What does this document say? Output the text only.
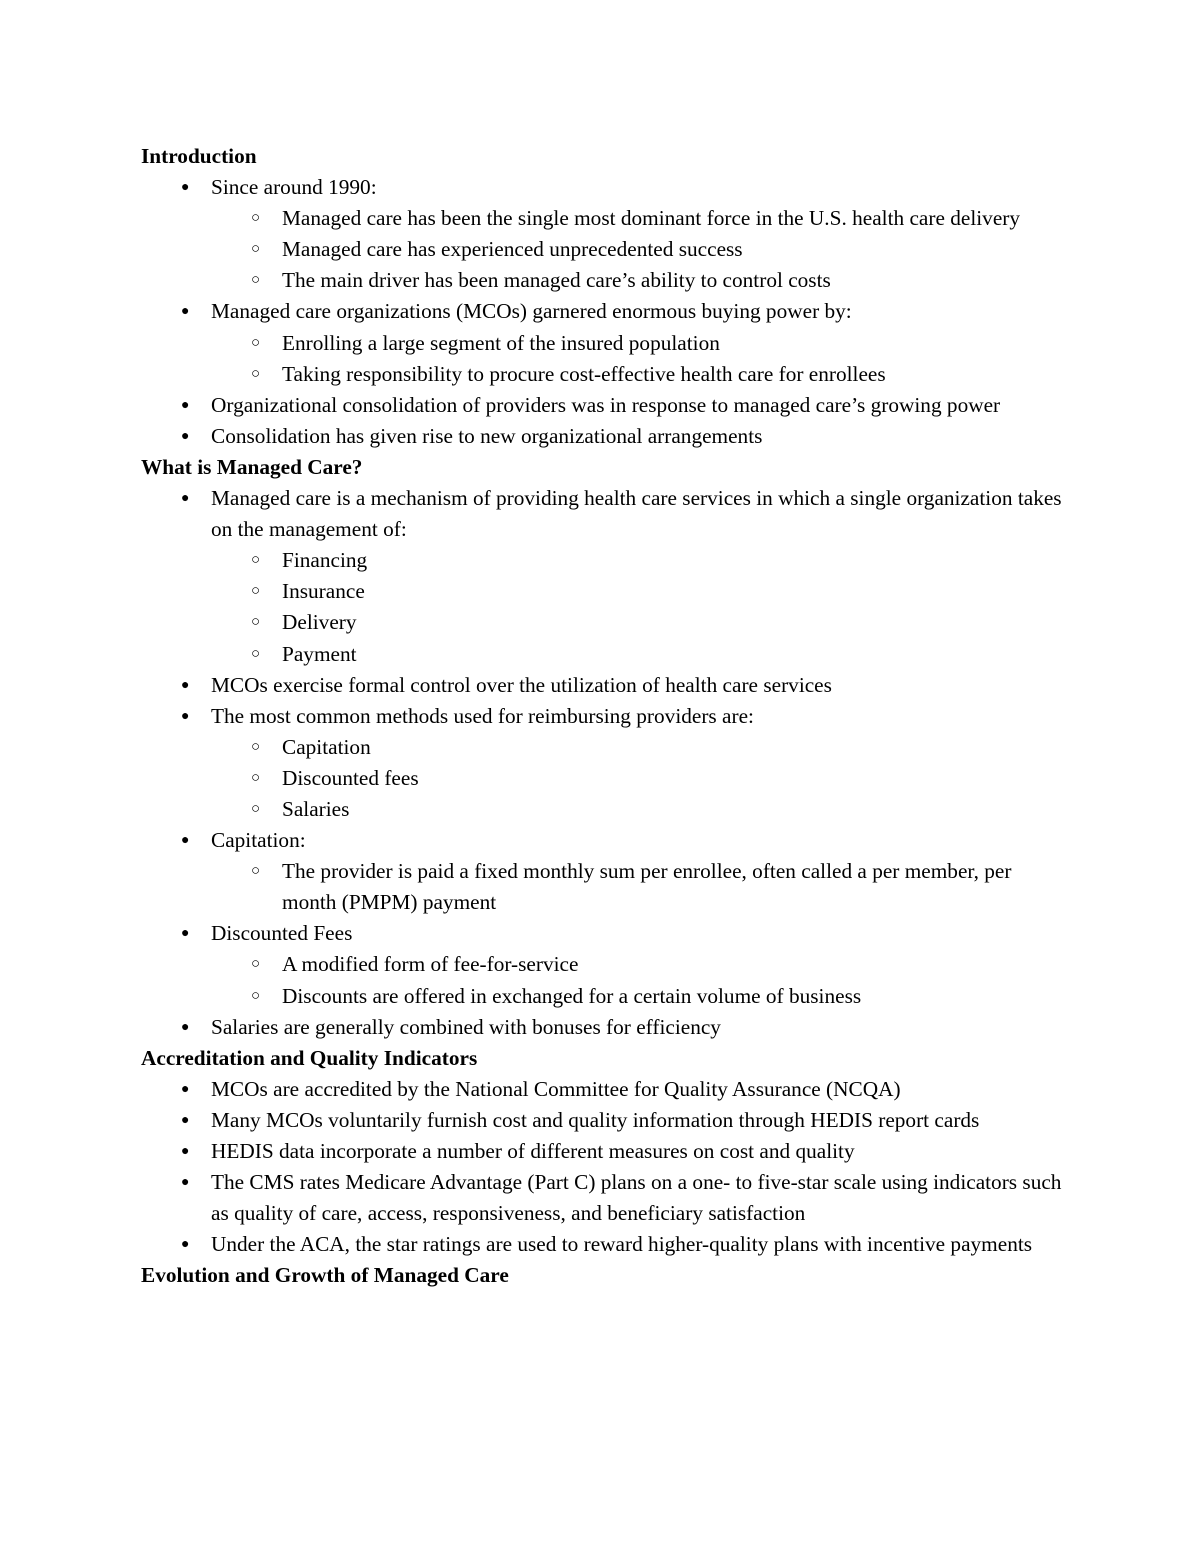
Introduction
● Since around 1990:
○ Managed care has been the single most dominant force in the U.S. health care delivery
○ Managed care has experienced unprecedented success
○ The main driver has been managed care’s ability to control costs
● Managed care organizations (MCOs) garnered enormous buying power by:
○ Enrolling a large segment of the insured population
○ Taking responsibility to procure cost-effective health care for enrollees
● Organizational consolidation of providers was in response to managed care’s growing power
● Consolidation has given rise to new organizational arrangements
What is Managed Care?
● Managed care is a mechanism of providing health care services in which a single organization takes on the management of:
○ Financing
○ Insurance
○ Delivery
○ Payment
● MCOs exercise formal control over the utilization of health care services
● The most common methods used for reimbursing providers are:
○ Capitation
○ Discounted fees
○ Salaries
● Capitation:
○ The provider is paid a fixed monthly sum per enrollee, often called a per member, per month (PMPM) payment
● Discounted Fees
○ A modified form of fee-for-service
○ Discounts are offered in exchanged for a certain volume of business
● Salaries are generally combined with bonuses for efficiency
Accreditation and Quality Indicators
● MCOs are accredited by the National Committee for Quality Assurance (NCQA)
● Many MCOs voluntarily furnish cost and quality information through HEDIS report cards
● HEDIS data incorporate a number of different measures on cost and quality
● The CMS rates Medicare Advantage (Part C) plans on a one- to five-star scale using indicators such as quality of care, access, responsiveness, and beneficiary satisfaction
● Under the ACA, the star ratings are used to reward higher-quality plans with incentive payments
Evolution and Growth of Managed Care
